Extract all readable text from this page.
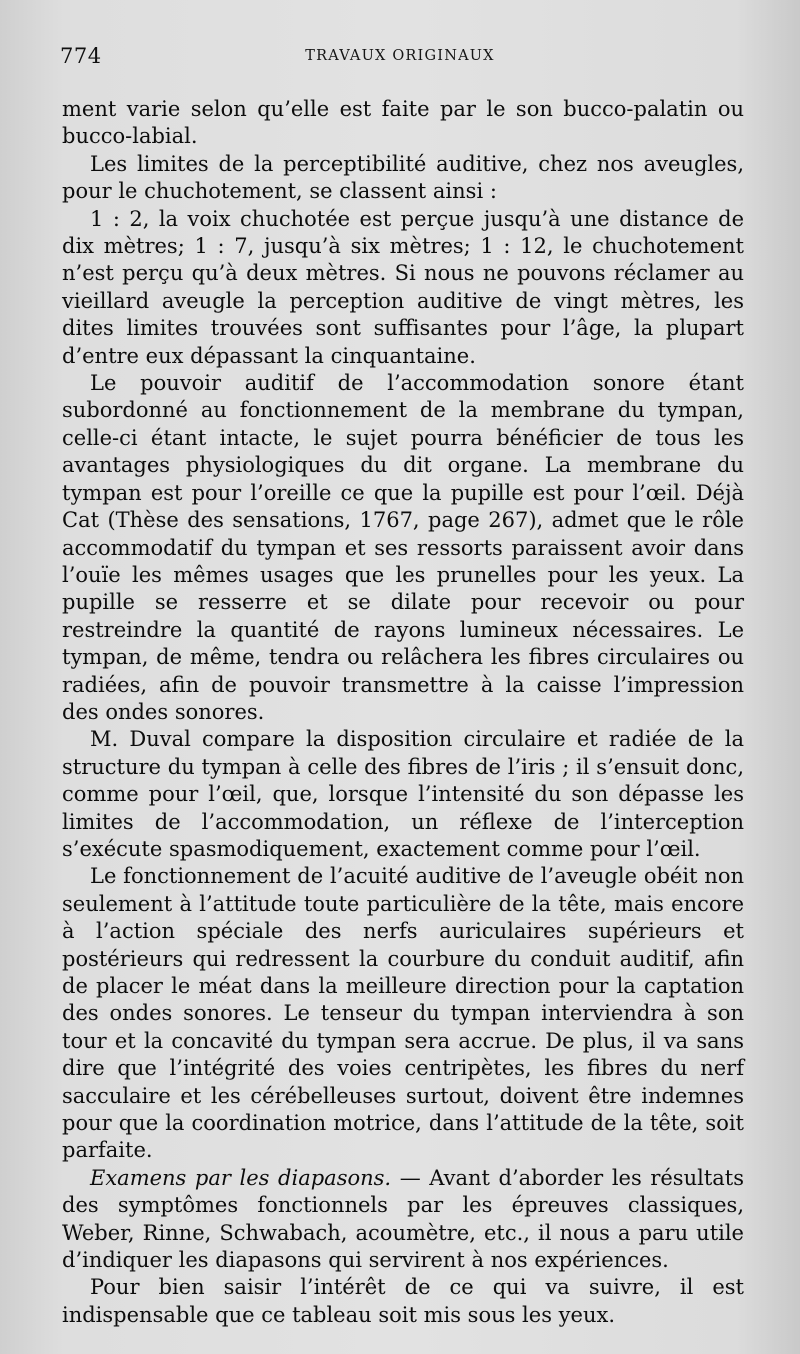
774	TRAVAUX ORIGINAUX

ment varie selon qu’elle est faite par le son bucco-palatin ou bucco-labial.

Les limites de la perceptibilité auditive, chez nos aveugles, pour le chuchotement, se classent ainsi :

1 : 2, la voix chuchotée est perçue jusqu’à une distance de dix mètres; 1 : 7, jusqu’à six mètres; 1 : 12, le chuchotement n’est perçu qu’à deux mètres. Si nous ne pouvons réclamer au vieillard aveugle la perception auditive de vingt mètres, les dites limites trouvées sont suffisantes pour l’âge, la plupart d’entre eux dépassant la cinquantaine.

Le pouvoir auditif de l’accommodation sonore étant subordonné au fonctionnement de la membrane du tympan, celle-ci étant intacte, le sujet pourra bénéficier de tous les avantages physiologiques du dit organe. La membrane du tympan est pour l’oreille ce que la pupille est pour l’œil. Déjà Cat (Thèse des sensations, 1767, page 267), admet que le rôle accommodatif du tympan et ses ressorts paraissent avoir dans l’ouïe les mêmes usages que les prunelles pour les yeux. La pupille se resserre et se dilate pour recevoir ou pour restreindre la quantité de rayons lumineux nécessaires. Le tympan, de même, tendra ou relâchera les fibres circulaires ou radiées, afin de pouvoir transmettre à la caisse l’impression des ondes sonores.

M. Duval compare la disposition circulaire et radiée de la structure du tympan à celle des fibres de l’iris ; il s’ensuit donc, comme pour l’œil, que, lorsque l’intensité du son dépasse les limites de l’accommodation, un réflexe de l’interception s’exécute spasmodiquement, exactement comme pour l’œil.

Le fonctionnement de l’acuité auditive de l’aveugle obéit non seulement à l’attitude toute particulière de la tête, mais encore à l’action spéciale des nerfs auriculaires supérieurs et postérieurs qui redressent la courbure du conduit auditif, afin de placer le méat dans la meilleure direction pour la captation des ondes sonores. Le tenseur du tympan interviendra à son tour et la concavité du tympan sera accrue. De plus, il va sans dire que l’intégrité des voies centripètes, les fibres du nerf sacculaire et les cérébelleuses surtout, doivent être indemnes pour que la coordination motrice, dans l’attitude de la tête, soit parfaite.

Examens par les diapasons. — Avant d’aborder les résultats des symptômes fonctionnels par les épreuves classiques, Weber, Rinne, Schwabach, acoumètre, etc., il nous a paru utile d’indiquer les diapasons qui servirent à nos expériences.

Pour bien saisir l’intérêt de ce qui va suivre, il est indispensable que ce tableau soit mis sous les yeux.
